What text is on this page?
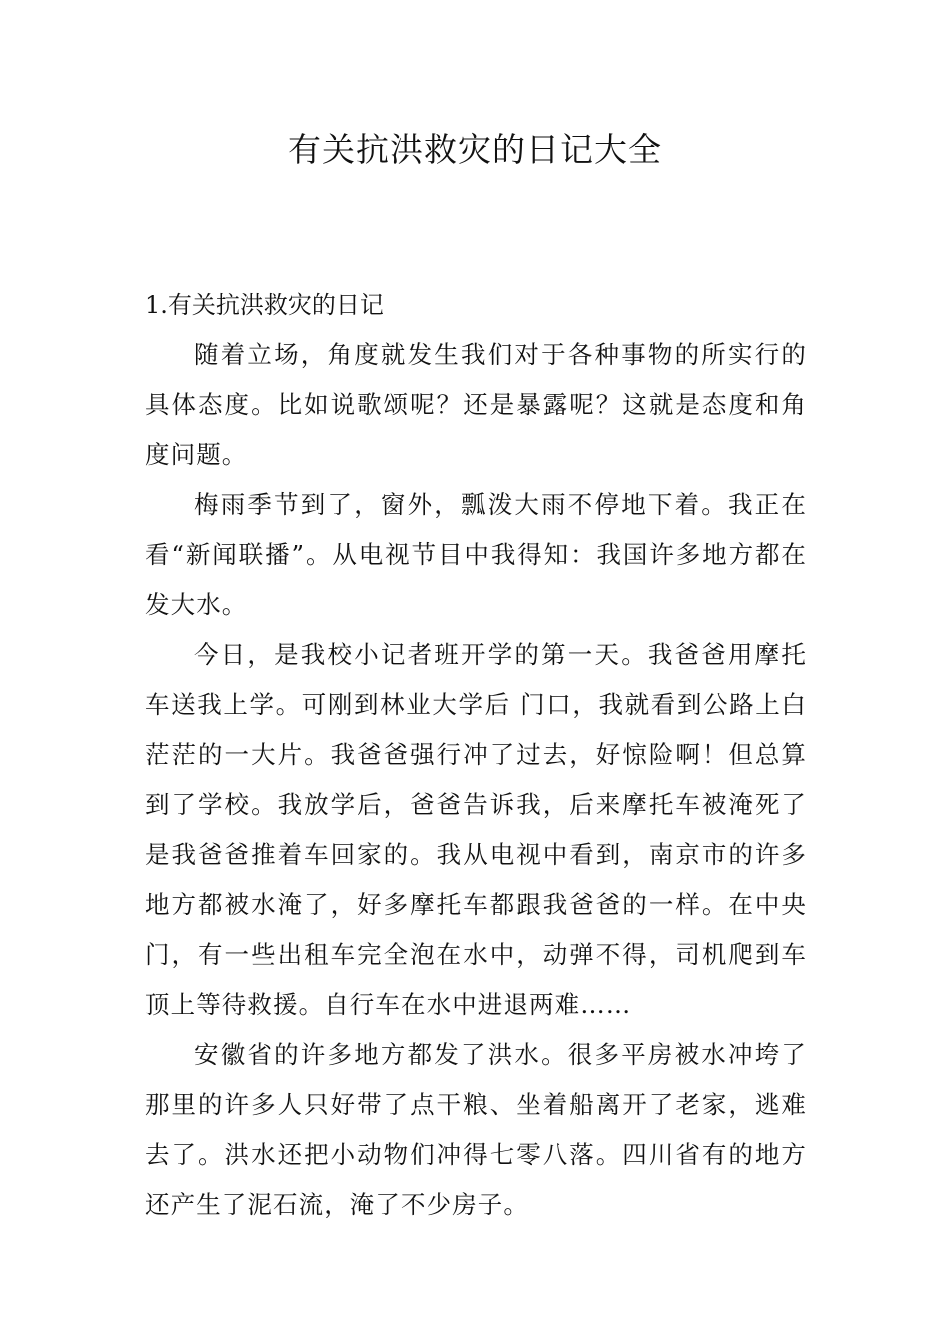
有关抗洪救灾的日记大全

1.有关抗洪救灾的日记

随着立场，角度就发生我们对于各种事物的所实行的具体态度。比如说歌颂呢？还是暴露呢？这就是态度和角度问题。

梅雨季节到了，窗外，瓢泼大雨不停地下着。我正在看“新闻联播”。从电视节目中我得知：我国许多地方都在发大水。

今日，是我校小记者班开学的第一天。我爸爸用摩托车送我上学。可刚到林业大学后 门口，我就看到公路上白茫茫的一大片。我爸爸强行冲了过去，好惊险啊！但总算到了学校。我放学后，爸爸告诉我，后来摩托车被淹死了是我爸爸推着车回家的。我从电视中看到，南京市的许多地方都被水淹了，好多摩托车都跟我爸爸的一样。在中央门，有一些出租车完全泡在水中，动弹不得，司机爬到车顶上等待救援。自行车在水中进退两难……

安徽省的许多地方都发了洪水。很多平房被水冲垮了那里的许多人只好带了点干粮、坐着船离开了老家，逃难去了。洪水还把小动物们冲得七零八落。四川省有的地方还产生了泥石流，淹了不少房子。
